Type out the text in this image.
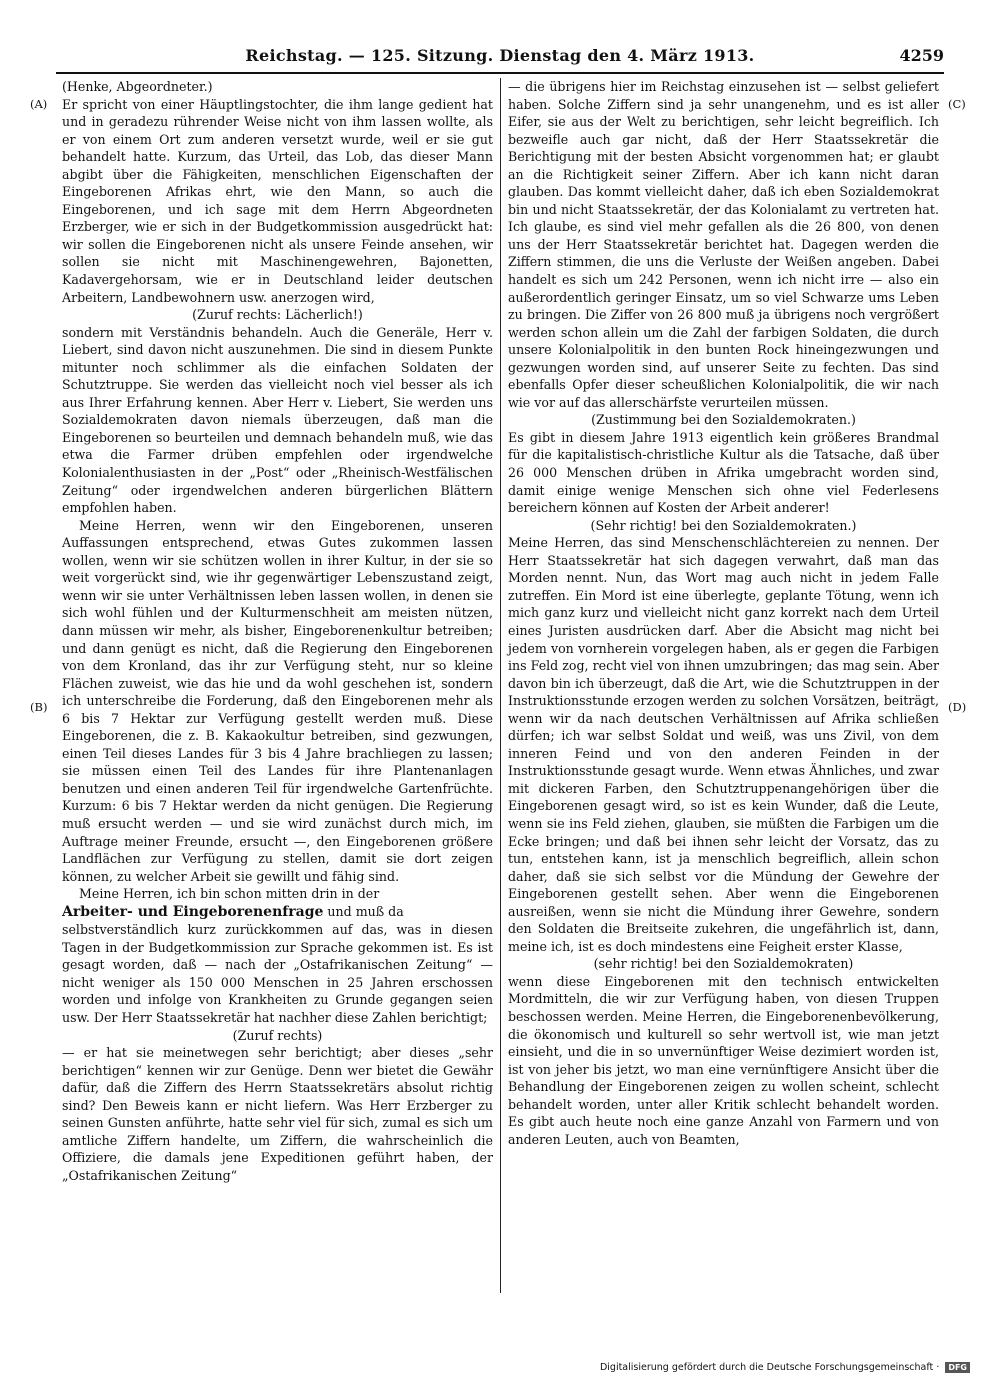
Reichstag. — 125. Sitzung. Dienstag den 4. März 1913.	4259
(A)
(B)
(C)
(D)

(Henke, Abgeordneter.)

Er spricht von einer Häuptlingstochter, die ihm lange gedient hat und in geradezu rührender Weise nicht von ihm lassen wollte, als er von einem Ort zum anderen versetzt wurde, weil er sie gut behandelt hatte. Kurzum, das Urteil, das Lob, das dieser Mann abgibt über die Fähigkeiten, menschlichen Eigenschaften der Eingeborenen Afrikas ehrt, wie den Mann, so auch die Eingeborenen, und ich sage mit dem Herrn Abgeordneten Erzberger, wie er sich in der Budgetkommission ausgedrückt hat: wir sollen die Eingeborenen nicht als unsere Feinde ansehen, wir sollen sie nicht mit Maschinengewehren, Bajonetten, Kadavergehorsam, wie er in Deutschland leider deutschen Arbeitern, Landbewohnern usw. anerzogen wird,

(Zuruf rechts: Lächerlich!)

sondern mit Verständnis behandeln. Auch die Generäle, Herr v. Liebert, sind davon nicht auszunehmen. Die sind in diesem Punkte mitunter noch schlimmer als die einfachen Soldaten der Schutztruppe. Sie werden das vielleicht noch viel besser als ich aus Ihrer Erfahrung kennen. Aber Herr v. Liebert, Sie werden uns Sozialdemokraten davon niemals überzeugen, daß man die Eingeborenen so beurteilen und demnach behandeln muß, wie das etwa die Farmer drüben empfehlen oder irgendwelche Kolonialenthusiasten in der „Post“ oder „Rheinisch-Westfälischen Zeitung“ oder irgendwelchen anderen bürgerlichen Blättern empfohlen haben.

Meine Herren, wenn wir den Eingeborenen, unseren Auffassungen entsprechend, etwas Gutes zukommen lassen wollen, wenn wir sie schützen wollen in ihrer Kultur, in der sie so weit vorgerückt sind, wie ihr gegenwärtiger Lebenszustand zeigt, wenn wir sie unter Verhältnissen leben lassen wollen, in denen sie sich wohl fühlen und der Kulturmenschheit am meisten nützen, dann müssen wir mehr, als bisher, Eingeborenenkultur betreiben; und dann genügt es nicht, daß die Regierung den Eingeborenen von dem Kronland, das ihr zur Verfügung steht, nur so kleine Flächen zuweist, wie das hie und da wohl geschehen ist, sondern ich unterschreibe die Forderung, daß den Eingeborenen mehr als 6 bis 7 Hektar zur Verfügung gestellt werden muß. Diese Eingeborenen, die z. B. Kakaokultur betreiben, sind gezwungen, einen Teil dieses Landes für 3 bis 4 Jahre brachliegen zu lassen; sie müssen einen Teil des Landes für ihre Plantenanlagen benutzen und einen anderen Teil für irgendwelche Gartenfrüchte. Kurzum: 6 bis 7 Hektar werden da nicht genügen. Die Regierung muß ersucht werden — und sie wird zunächst durch mich, im Auftrage meiner Freunde, ersucht —, den Eingeborenen größere Landflächen zur Verfügung zu stellen, damit sie dort zeigen können, zu welcher Arbeit sie gewillt und fähig sind.

Meine Herren, ich bin schon mitten drin in der

Arbeiter- und Eingeborenenfrage und muß da

selbstverständlich kurz zurückkommen auf das, was in diesen Tagen in der Budgetkommission zur Sprache gekommen ist. Es ist gesagt worden, daß — nach der „Ostafrikanischen Zeitung“ — nicht weniger als 150 000 Menschen in 25 Jahren erschossen worden und infolge von Krankheiten zu Grunde gegangen seien usw. Der Herr Staatssekretär hat nachher diese Zahlen berichtigt;

(Zuruf rechts)

— er hat sie meinetwegen sehr berichtigt; aber dieses „sehr berichtigen“ kennen wir zur Genüge. Denn wer bietet die Gewähr dafür, daß die Ziffern des Herrn Staatssekretärs absolut richtig sind? Den Beweis kann er nicht liefern. Was Herr Erzberger zu seinen Gunsten anführte, hatte sehr viel für sich, zumal es sich um amtliche Ziffern handelte, um Ziffern, die wahrscheinlich die Offiziere, die damals jene Expeditionen geführt haben, der „Ostafrikanischen Zeitung“

— die übrigens hier im Reichstag einzusehen ist — selbst geliefert haben. Solche Ziffern sind ja sehr unangenehm, und es ist aller Eifer, sie aus der Welt zu berichtigen, sehr leicht begreiflich. Ich bezweifle auch gar nicht, daß der Herr Staatssekretär die Berichtigung mit der besten Absicht vorgenommen hat; er glaubt an die Richtigkeit seiner Ziffern. Aber ich kann nicht daran glauben. Das kommt vielleicht daher, daß ich eben Sozialdemokrat bin und nicht Staatssekretär, der das Kolonialamt zu vertreten hat. Ich glaube, es sind viel mehr gefallen als die 26 800, von denen uns der Herr Staatssekretär berichtet hat. Dagegen werden die Ziffern stimmen, die uns die Verluste der Weißen angeben. Dabei handelt es sich um 242 Personen, wenn ich nicht irre — also ein außerordentlich geringer Einsatz, um so viel Schwarze ums Leben zu bringen. Die Ziffer von 26 800 muß ja übrigens noch vergrößert werden schon allein um die Zahl der farbigen Soldaten, die durch unsere Kolonialpolitik in den bunten Rock hineingezwungen und gezwungen worden sind, auf unserer Seite zu fechten. Das sind ebenfalls Opfer dieser scheußlichen Kolonialpolitik, die wir nach wie vor auf das allerschärfste verurteilen müssen.

(Zustimmung bei den Sozialdemokraten.)

Es gibt in diesem Jahre 1913 eigentlich kein größeres Brandmal für die kapitalistisch-christliche Kultur als die Tatsache, daß über 26 000 Menschen drüben in Afrika umgebracht worden sind, damit einige wenige Menschen sich ohne viel Federlesens bereichern können auf Kosten der Arbeit anderer!

(Sehr richtig! bei den Sozialdemokraten.)

Meine Herren, das sind Menschenschlächtereien zu nennen. Der Herr Staatssekretär hat sich dagegen verwahrt, daß man das Morden nennt. Nun, das Wort mag auch nicht in jedem Falle zutreffen. Ein Mord ist eine überlegte, geplante Tötung, wenn ich mich ganz kurz und vielleicht nicht ganz korrekt nach dem Urteil eines Juristen ausdrücken darf. Aber die Absicht mag nicht bei jedem von vornherein vorgelegen haben, als er gegen die Farbigen ins Feld zog, recht viel von ihnen umzubringen; das mag sein. Aber davon bin ich überzeugt, daß die Art, wie die Schutztruppen in der Instruktionsstunde erzogen werden zu solchen Vorsätzen, beiträgt, wenn wir da nach deutschen Verhältnissen auf Afrika schließen dürfen; ich war selbst Soldat und weiß, was uns Zivil, von dem inneren Feind und von den anderen Feinden in der Instruktionsstunde gesagt wurde. Wenn etwas Ähnliches, und zwar mit dickeren Farben, den Schutztruppenangehörigen über die Eingeborenen gesagt wird, so ist es kein Wunder, daß die Leute, wenn sie ins Feld ziehen, glauben, sie müßten die Farbigen um die Ecke bringen; und daß bei ihnen sehr leicht der Vorsatz, das zu tun, entstehen kann, ist ja menschlich begreiflich, allein schon daher, daß sie sich selbst vor die Mündung der Gewehre der Eingeborenen gestellt sehen. Aber wenn die Eingeborenen ausreißen, wenn sie nicht die Mündung ihrer Gewehre, sondern den Soldaten die Breitseite zukehren, die ungefährlich ist, dann, meine ich, ist es doch mindestens eine Feigheit erster Klasse,

(sehr richtig! bei den Sozialdemokraten)

wenn diese Eingeborenen mit den technisch entwickelten Mordmitteln, die wir zur Verfügung haben, von diesen Truppen beschossen werden. Meine Herren, die Eingeborenenbevölkerung, die ökonomisch und kulturell so sehr wertvoll ist, wie man jetzt einsieht, und die in so unvernünftiger Weise dezimiert worden ist, ist von jeher bis jetzt, wo man eine vernünftigere Ansicht über die Behandlung der Eingeborenen zeigen zu wollen scheint, schlecht behandelt worden, unter aller Kritik schlecht behandelt worden. Es gibt auch heute noch eine ganze Anzahl von Farmern und von anderen Leuten, auch von Beamten,

Digitalisierung gefördert durch die Deutsche Forschungsgemeinschaft · DFG
